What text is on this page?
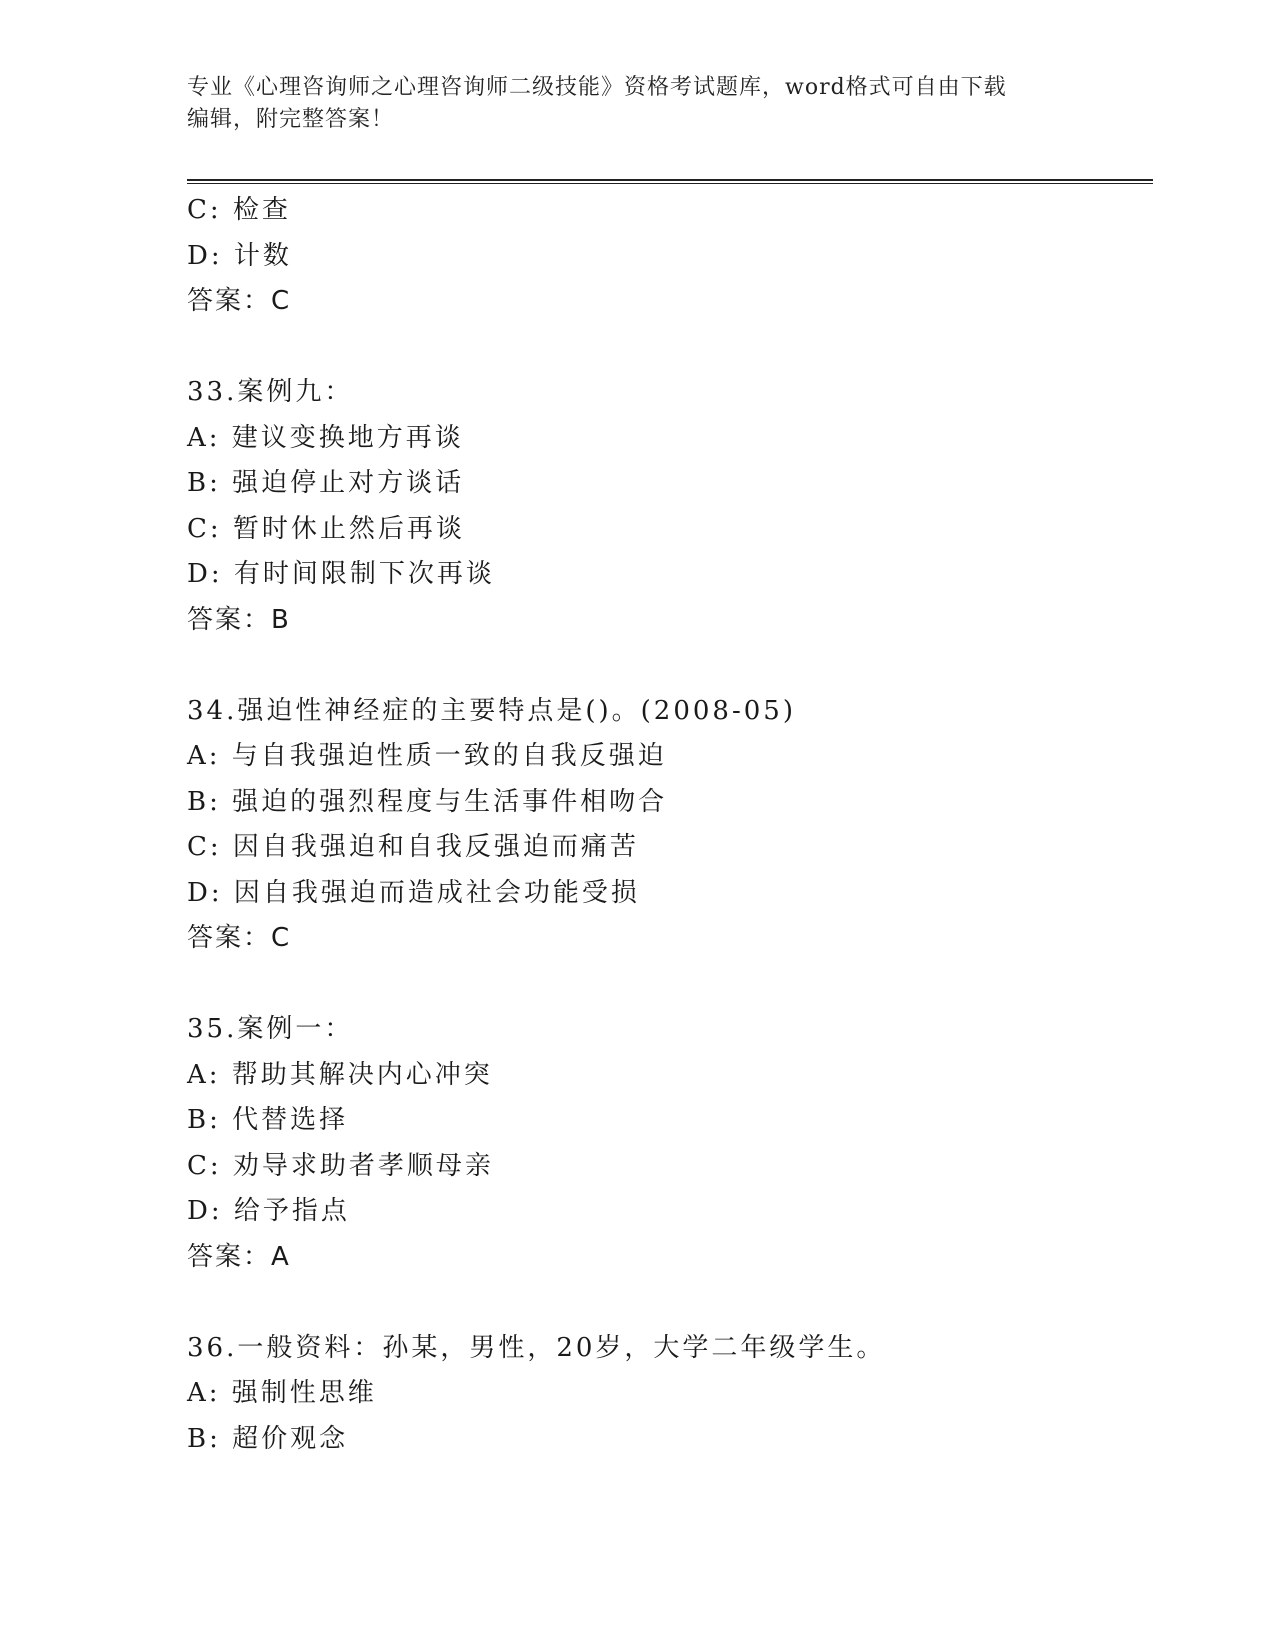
专业《心理咨询师之心理咨询师二级技能》资格考试题库，word格式可自由下载
编辑，附完整答案！
C: 检查
D: 计数
答案：C
33.案例九：
A: 建议变换地方再谈
B: 强迫停止对方谈话
C: 暂时休止然后再谈
D: 有时间限制下次再谈
答案：B
34.强迫性神经症的主要特点是()。(2008-05)
A: 与自我强迫性质一致的自我反强迫
B: 强迫的强烈程度与生活事件相吻合
C: 因自我强迫和自我反强迫而痛苦
D: 因自我强迫而造成社会功能受损
答案：C
35.案例一：
A: 帮助其解决内心冲突
B: 代替选择
C: 劝导求助者孝顺母亲
D: 给予指点
答案：A
36.一般资料：孙某，男性，20岁，大学二年级学生。
A: 强制性思维
B: 超价观念
